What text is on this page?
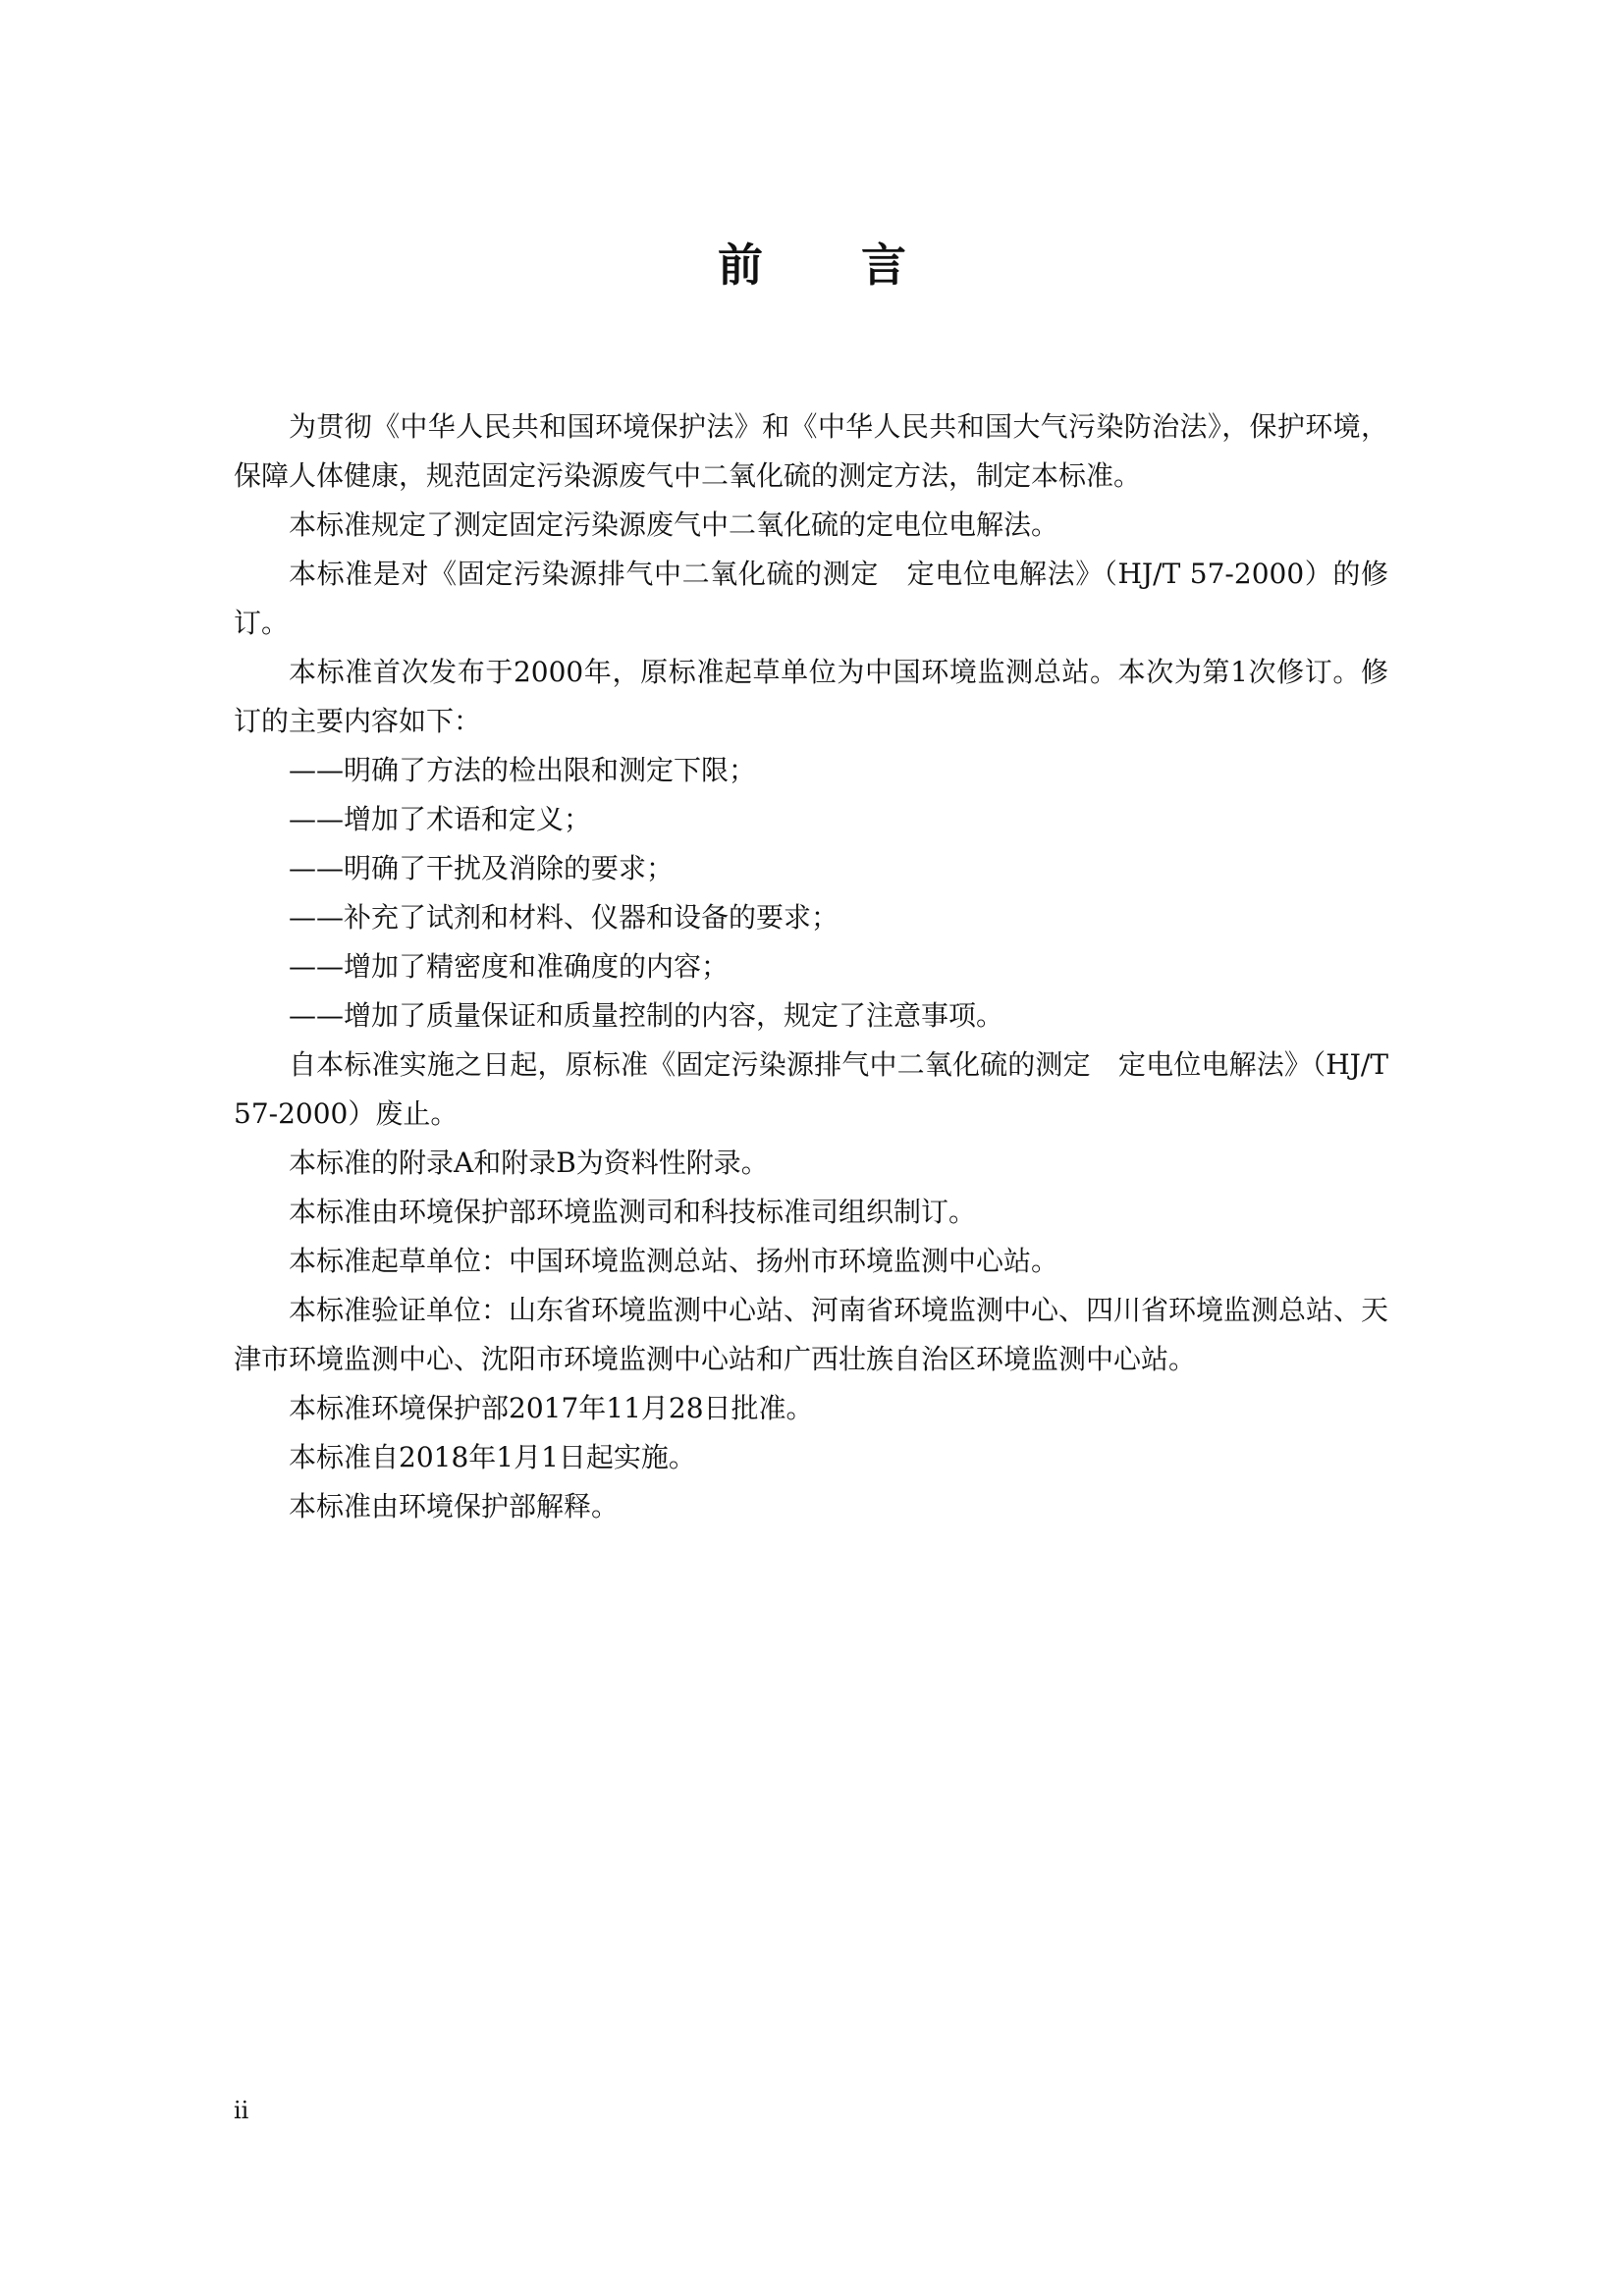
前言

为贯彻《中华人民共和国环境保护法》和《中华人民共和国大气污染防治法》，保护环境，保障人体健康，规范固定污染源废气中二氧化硫的测定方法，制定本标准。

本标准规定了测定固定污染源废气中二氧化硫的定电位电解法。

本标准是对《固定污染源排气中二氧化硫的测定　定电位电解法》（HJ/T 57-2000）的修订。

本标准首次发布于2000年，原标准起草单位为中国环境监测总站。本次为第1次修订。修订的主要内容如下：

——明确了方法的检出限和测定下限；

——增加了术语和定义；

——明确了干扰及消除的要求；

——补充了试剂和材料、仪器和设备的要求；

——增加了精密度和准确度的内容；

——增加了质量保证和质量控制的内容，规定了注意事项。

自本标准实施之日起，原标准《固定污染源排气中二氧化硫的测定　定电位电解法》（HJ/T 57-2000）废止。

本标准的附录A和附录B为资料性附录。

本标准由环境保护部环境监测司和科技标准司组织制订。

本标准起草单位：中国环境监测总站、扬州市环境监测中心站。

本标准验证单位：山东省环境监测中心站、河南省环境监测中心、四川省环境监测总站、天津市环境监测中心、沈阳市环境监测中心站和广西壮族自治区环境监测中心站。

本标准环境保护部2017年11月28日批准。

本标准自2018年1月1日起实施。

本标准由环境保护部解释。

ii
